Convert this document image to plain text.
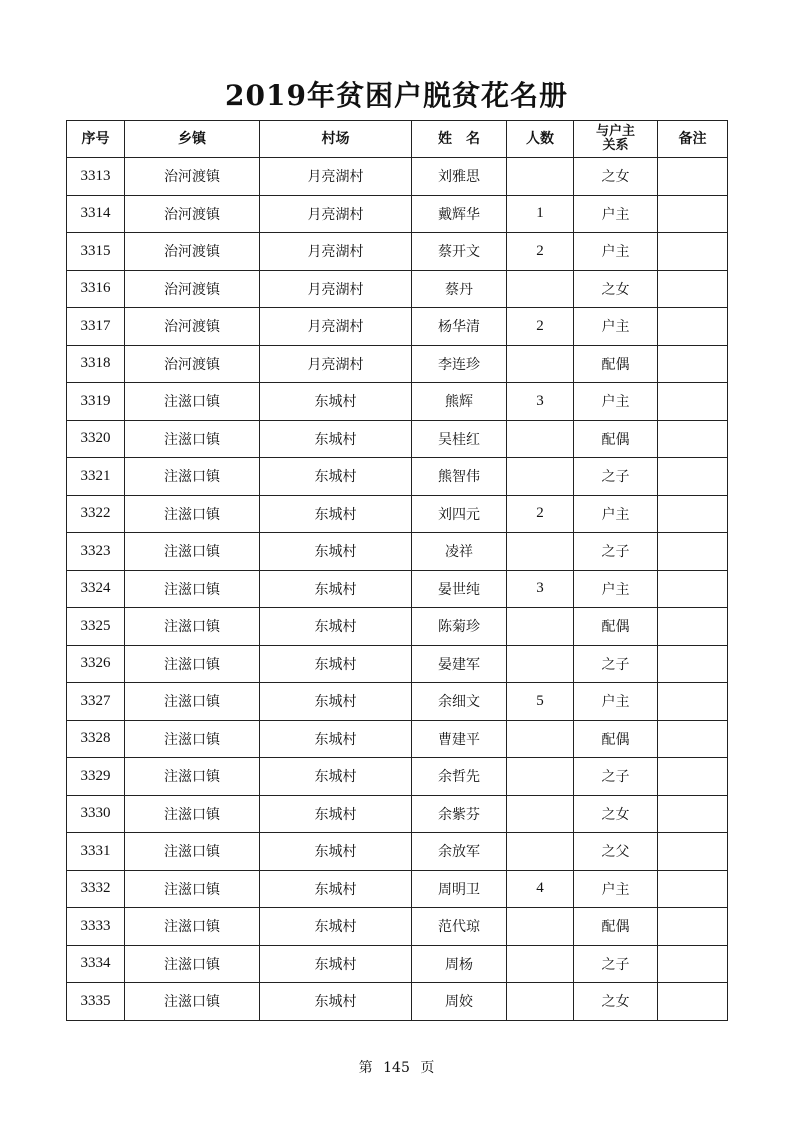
2019年贫困户脱贫花名册
序号	乡镇	村场	姓　名	人数	与户主关系	备注
3313	治河渡镇	月亮湖村	刘雅思		之女	
3314	治河渡镇	月亮湖村	戴辉华	1	户主	
3315	治河渡镇	月亮湖村	蔡开文	2	户主	
3316	治河渡镇	月亮湖村	蔡丹		之女	
3317	治河渡镇	月亮湖村	杨华清	2	户主	
3318	治河渡镇	月亮湖村	李连珍		配偶	
3319	注滋口镇	东城村	熊辉	3	户主	
3320	注滋口镇	东城村	吴桂红		配偶	
3321	注滋口镇	东城村	熊智伟		之子	
3322	注滋口镇	东城村	刘四元	2	户主	
3323	注滋口镇	东城村	凌祥		之子	
3324	注滋口镇	东城村	晏世纯	3	户主	
3325	注滋口镇	东城村	陈菊珍		配偶	
3326	注滋口镇	东城村	晏建军		之子	
3327	注滋口镇	东城村	余细文	5	户主	
3328	注滋口镇	东城村	曹建平		配偶	
3329	注滋口镇	东城村	余哲先		之子	
3330	注滋口镇	东城村	余紫芬		之女	
3331	注滋口镇	东城村	余放军		之父	
3332	注滋口镇	东城村	周明卫	4	户主	
3333	注滋口镇	东城村	范代琼		配偶	
3334	注滋口镇	东城村	周杨		之子	
3335	注滋口镇	东城村	周姣		之女	
第 145 页
